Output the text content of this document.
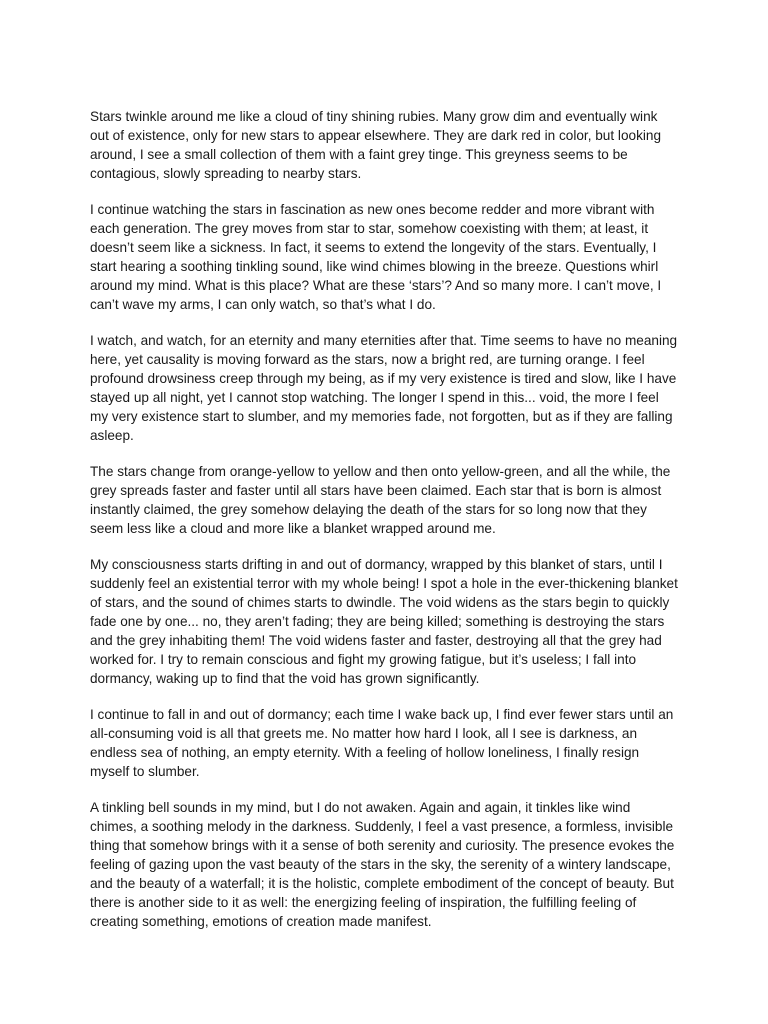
Stars twinkle around me like a cloud of tiny shining rubies. Many grow dim and eventually wink out of existence, only for new stars to appear elsewhere. They are dark red in color, but looking around, I see a small collection of them with a faint grey tinge. This greyness seems to be contagious, slowly spreading to nearby stars.

I continue watching the stars in fascination as new ones become redder and more vibrant with each generation. The grey moves from star to star, somehow coexisting with them; at least, it doesn’t seem like a sickness. In fact, it seems to extend the longevity of the stars. Eventually, I start hearing a soothing tinkling sound, like wind chimes blowing in the breeze. Questions whirl around my mind. What is this place? What are these ‘stars’? And so many more. I can’t move, I can’t wave my arms, I can only watch, so that’s what I do.

I watch, and watch, for an eternity and many eternities after that. Time seems to have no meaning here, yet causality is moving forward as the stars, now a bright red, are turning orange. I feel profound drowsiness creep through my being, as if my very existence is tired and slow, like I have stayed up all night, yet I cannot stop watching. The longer I spend in this... void, the more I feel my very existence start to slumber, and my memories fade, not forgotten, but as if they are falling asleep.

The stars change from orange-yellow to yellow and then onto yellow-green, and all the while, the grey spreads faster and faster until all stars have been claimed. Each star that is born is almost instantly claimed, the grey somehow delaying the death of the stars for so long now that they seem less like a cloud and more like a blanket wrapped around me.

My consciousness starts drifting in and out of dormancy, wrapped by this blanket of stars, until I suddenly feel an existential terror with my whole being! I spot a hole in the ever-thickening blanket of stars, and the sound of chimes starts to dwindle. The void widens as the stars begin to quickly fade one by one... no, they aren’t fading; they are being killed; something is destroying the stars and the grey inhabiting them! The void widens faster and faster, destroying all that the grey had worked for. I try to remain conscious and fight my growing fatigue, but it’s useless; I fall into dormancy, waking up to find that the void has grown significantly.

I continue to fall in and out of dormancy; each time I wake back up, I find ever fewer stars until an all-consuming void is all that greets me. No matter how hard I look, all I see is darkness, an endless sea of nothing, an empty eternity. With a feeling of hollow loneliness, I finally resign myself to slumber.

A tinkling bell sounds in my mind, but I do not awaken. Again and again, it tinkles like wind chimes, a soothing melody in the darkness. Suddenly, I feel a vast presence, a formless, invisible thing that somehow brings with it a sense of both serenity and curiosity. The presence evokes the feeling of gazing upon the vast beauty of the stars in the sky, the serenity of a wintery landscape, and the beauty of a waterfall; it is the holistic, complete embodiment of the concept of beauty. But there is another side to it as well: the energizing feeling of inspiration, the fulfilling feeling of creating something, emotions of creation made manifest.
